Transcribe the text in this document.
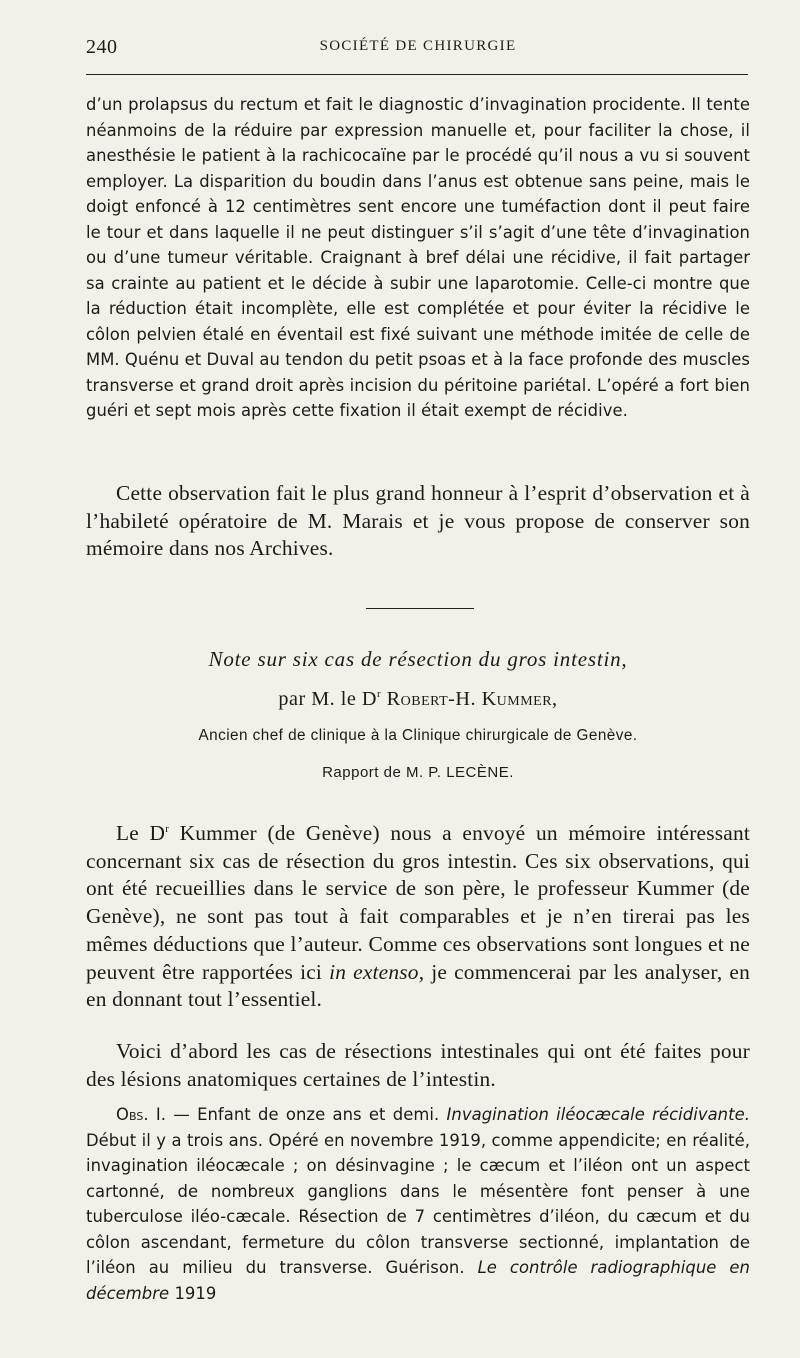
240	SOCIÉTÉ DE CHIRURGIE

d’un prolapsus du rectum et fait le diagnostic d’invagination procidente. Il tente néanmoins de la réduire par expression manuelle et, pour faciliter la chose, il anesthésie le patient à la rachicocaïne par le procédé qu’il nous a vu si souvent employer. La disparition du boudin dans l’anus est obtenue sans peine, mais le doigt enfoncé à 12 centimètres sent encore une tuméfaction dont il peut faire le tour et dans laquelle il ne peut distinguer s’il s’agit d’une tête d’invagination ou d’une tumeur véritable. Craignant à bref délai une récidive, il fait partager sa crainte au patient et le décide à subir une laparotomie. Celle-ci montre que la réduction était incomplète, elle est complétée et pour éviter la récidive le côlon pelvien étalé en éventail est fixé suivant une méthode imitée de celle de MM. Quénu et Duval au tendon du petit psoas et à la face profonde des muscles transverse et grand droit après incision du péritoine pariétal. L’opéré a fort bien guéri et sept mois après cette fixation il était exempt de récidive.

Cette observation fait le plus grand honneur à l’esprit d’observation et à l’habileté opératoire de M. Marais et je vous propose de conserver son mémoire dans nos Archives.

Note sur six cas de résection du gros intestin,
par M. le $D^r$ Robert-H. Kummer,
Ancien chef de clinique à la Clinique chirurgicale de Genève.
Rapport de M. P. LECÈNE.

Le $D^r$ Kummer (de Genève) nous a envoyé un mémoire intéressant concernant six cas de résection du gros intestin. Ces six observations, qui ont été recueillies dans le service de son père, le professeur Kummer (de Genève), ne sont pas tout à fait comparables et je n’en tirerai pas les mêmes déductions que l’auteur. Comme ces observations sont longues et ne peuvent être rapportées ici in extenso, je commencerai par les analyser, en en donnant tout l’essentiel.

Voici d’abord les cas de résections intestinales qui ont été faites pour des lésions anatomiques certaines de l’intestin.

Obs. I. — Enfant de onze ans et demi. Invagination iléocæcale récidivante. Début il y a trois ans. Opéré en novembre 1919, comme appendicite; en réalité, invagination iléocæcale ; on désinvagine ; le cæcum et l’iléon ont un aspect cartonné, de nombreux ganglions dans le mésentère font penser à une tuberculose iléo-cæcale. Résection de 7 centimètres d’iléon, du cæcum et du côlon ascendant, fermeture du côlon transverse sectionné, implantation de l’iléon au milieu du transverse. Guérison. Le contrôle radiographique en décembre 1919
